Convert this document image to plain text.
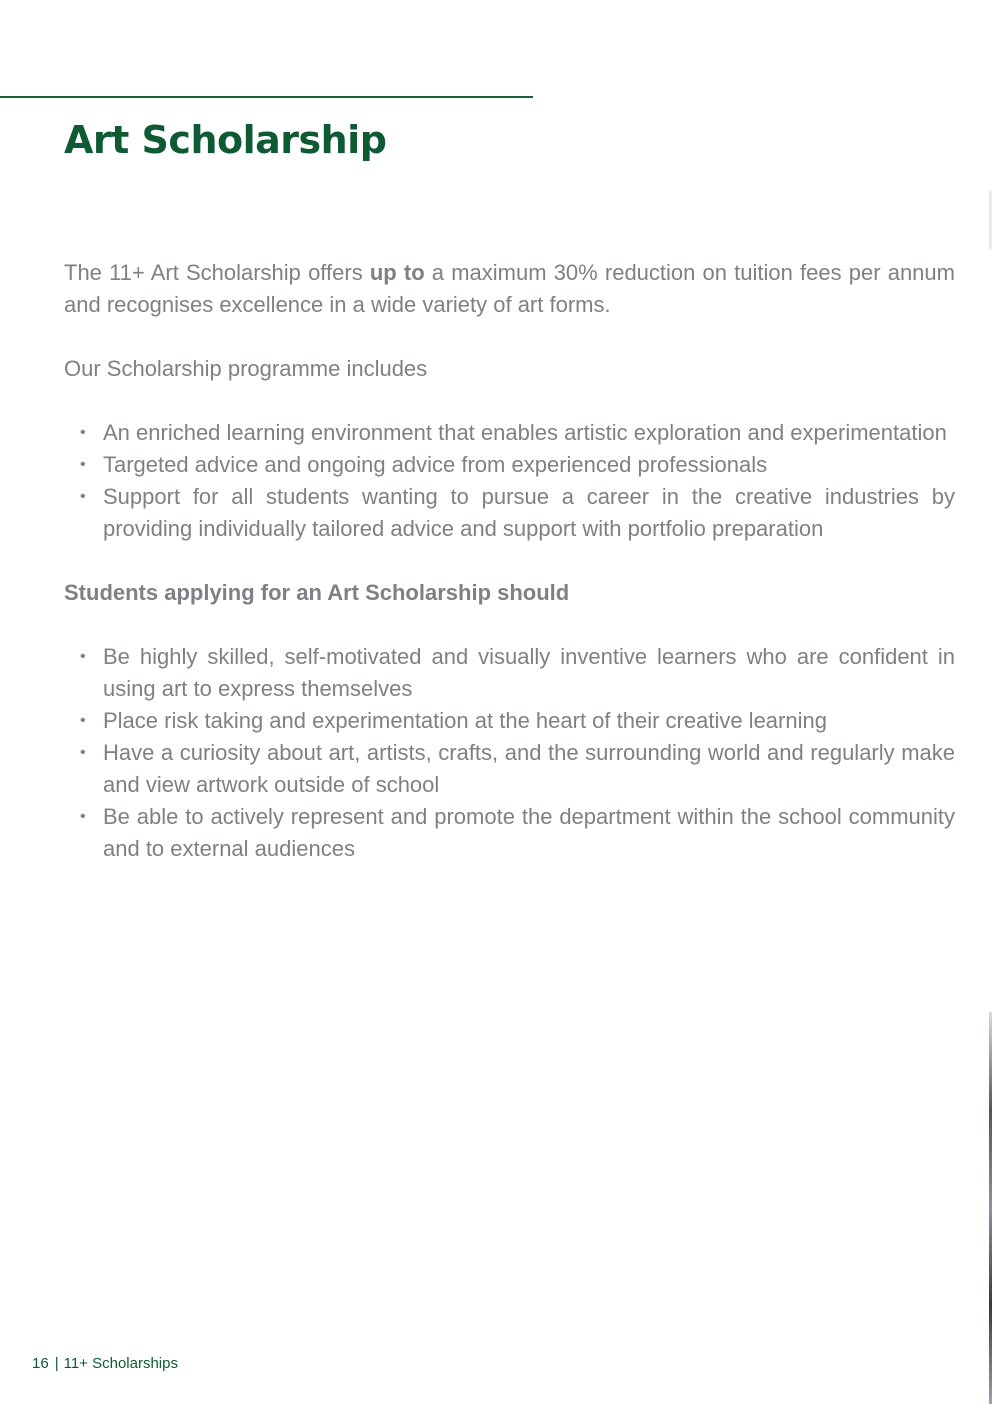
Art Scholarship

The 11+ Art Scholarship offers up to a maximum 30% reduction on tuition fees per annum and recognises excellence in a wide variety of art forms.

Our Scholarship programme includes

• An enriched learning environment that enables artistic exploration and experimentation
• Targeted advice and ongoing advice from experienced professionals
• Support for all students wanting to pursue a career in the creative industries by providing individually tailored advice and support with portfolio preparation

Students applying for an Art Scholarship should

• Be highly skilled, self-motivated and visually inventive learners who are confident in using art to express themselves
• Place risk taking and experimentation at the heart of their creative learning
• Have a curiosity about art, artists, crafts, and the surrounding world and regularly make and view artwork outside of school
• Be able to actively represent and promote the department within the school community and to external audiences
16 | 11+ Scholarships
